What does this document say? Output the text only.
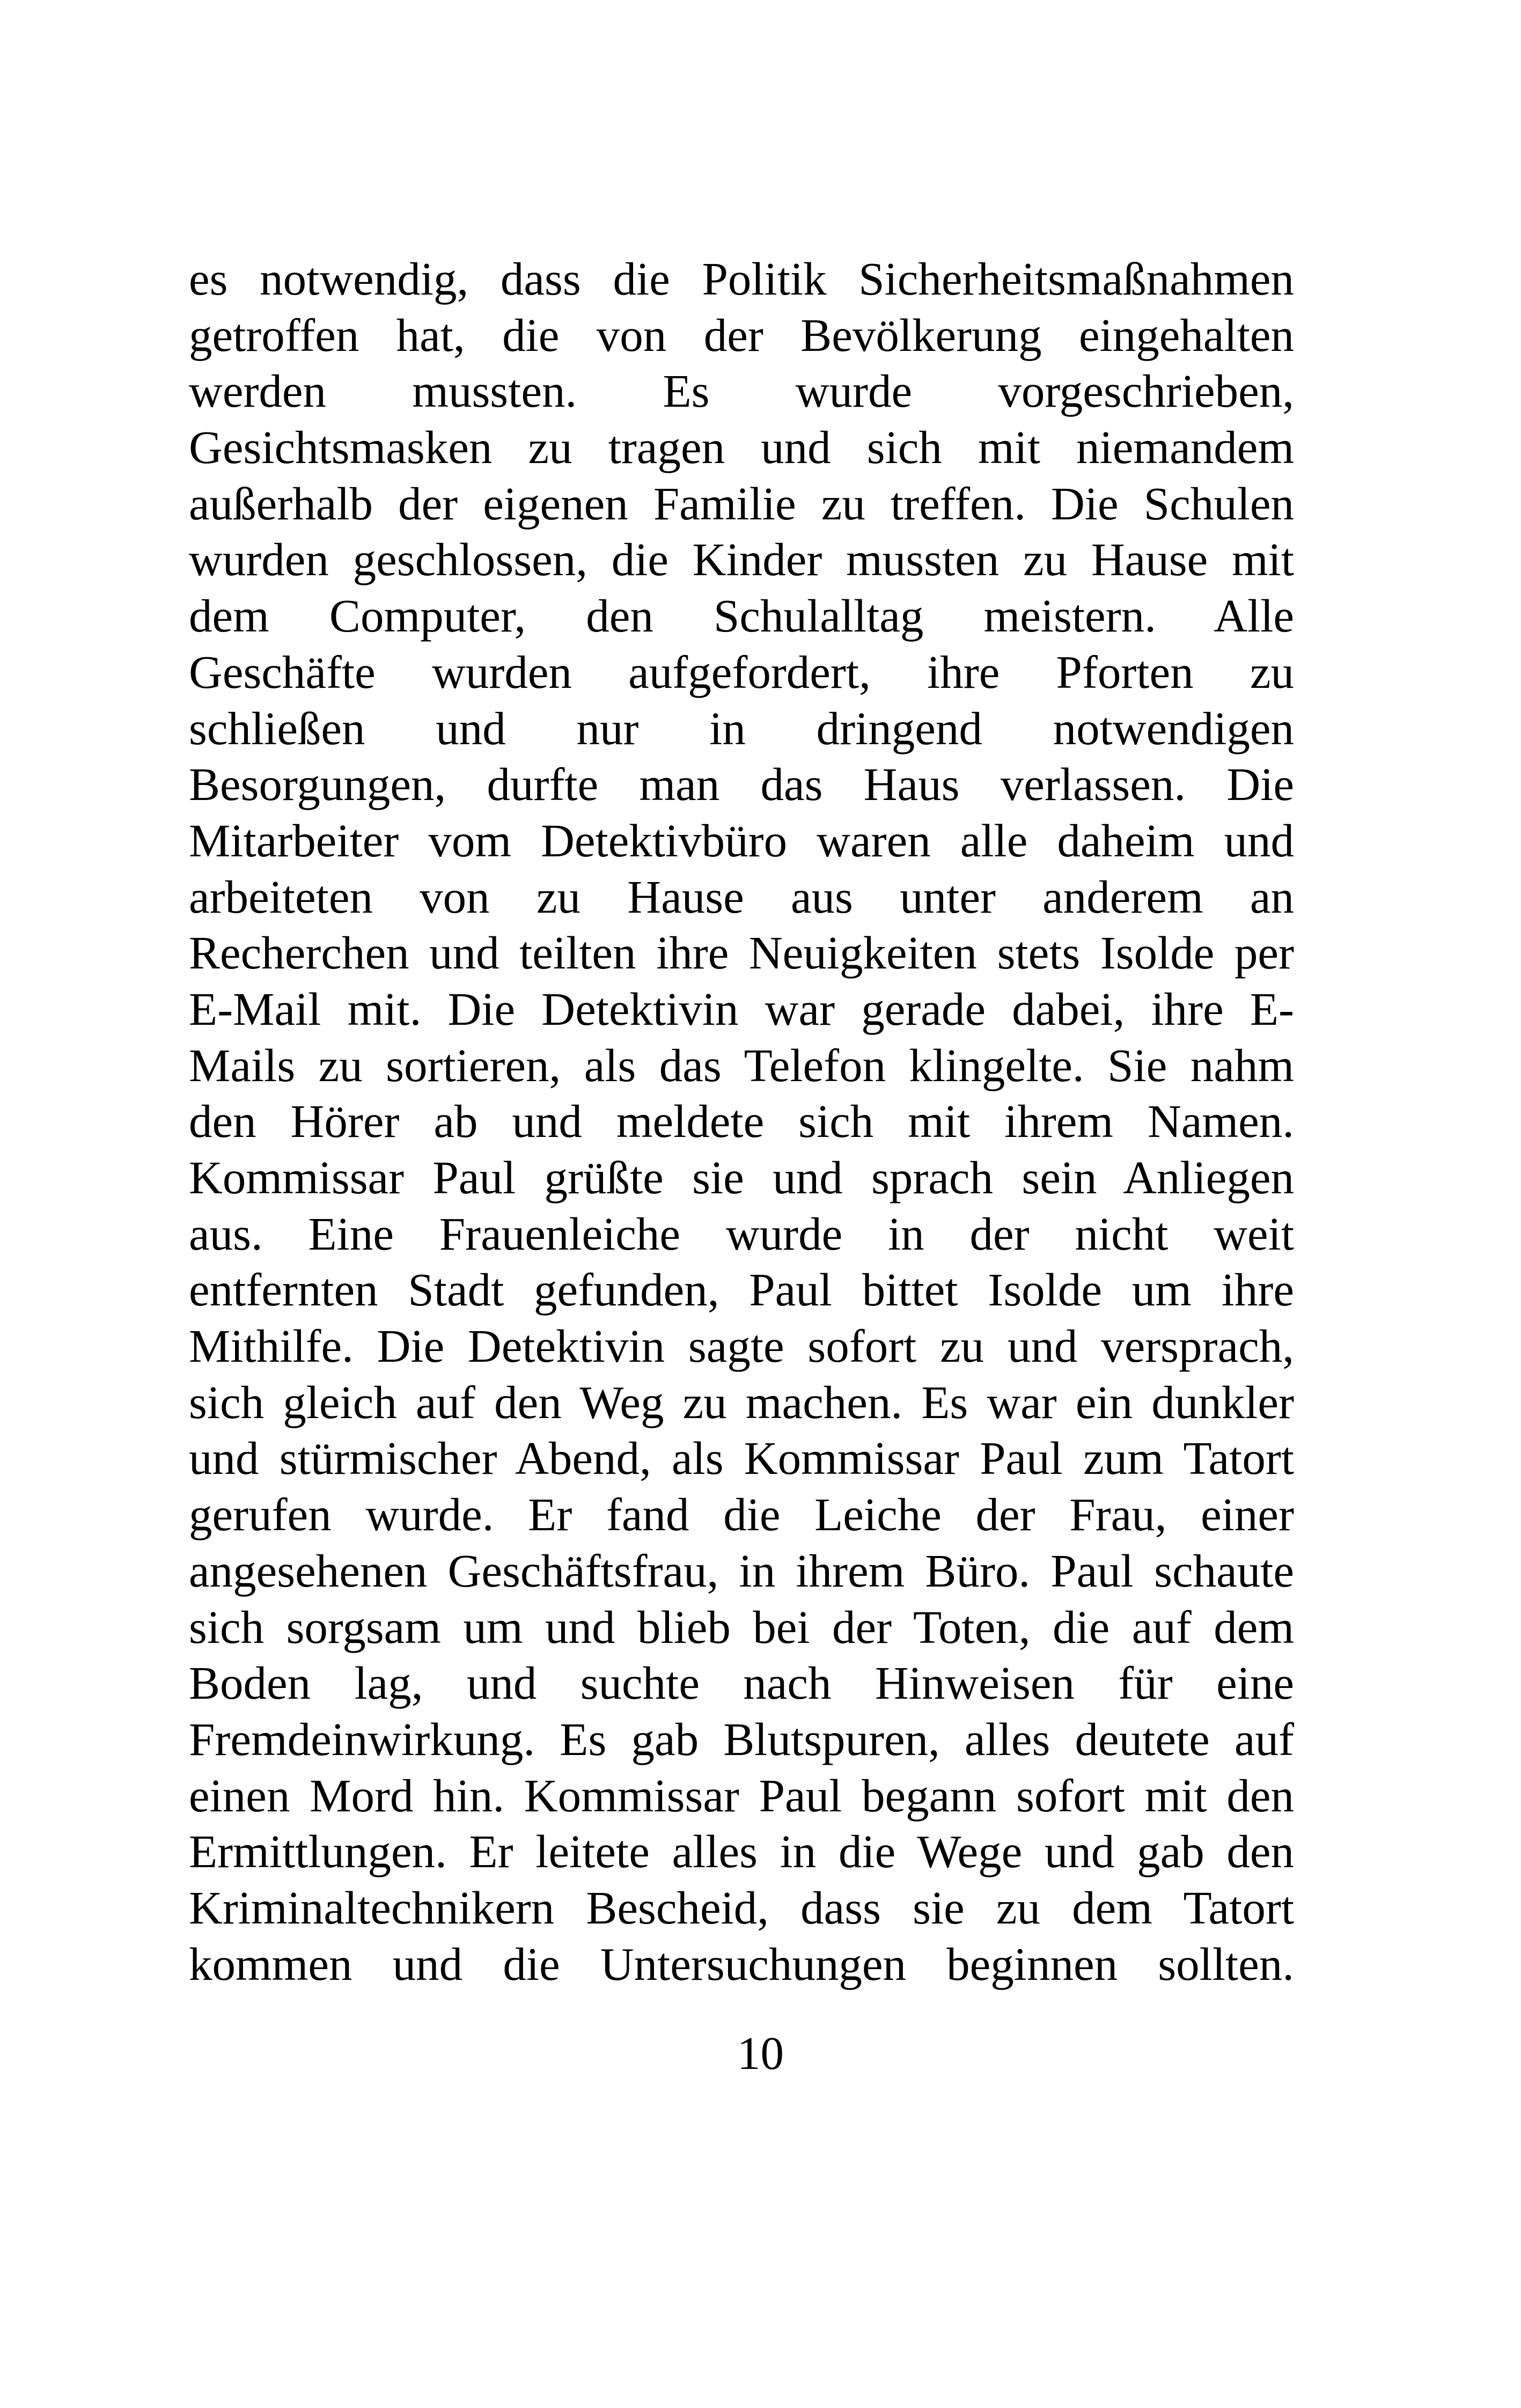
es notwendig, dass die Politik Sicherheitsmaßnahmen
getroffen hat, die von der Bevölkerung eingehalten
werden mussten. Es wurde vorgeschrieben,
Gesichtsmasken zu tragen und sich mit niemandem
außerhalb der eigenen Familie zu treffen. Die Schulen
wurden geschlossen, die Kinder mussten zu Hause mit
dem Computer, den Schulalltag meistern. Alle
Geschäfte wurden aufgefordert, ihre Pforten zu
schließen und nur in dringend notwendigen
Besorgungen, durfte man das Haus verlassen. Die
Mitarbeiter vom Detektivbüro waren alle daheim und
arbeiteten von zu Hause aus unter anderem an
Recherchen und teilten ihre Neuigkeiten stets Isolde per
E-Mail mit. Die Detektivin war gerade dabei, ihre E-
Mails zu sortieren, als das Telefon klingelte. Sie nahm
den Hörer ab und meldete sich mit ihrem Namen.
Kommissar Paul grüßte sie und sprach sein Anliegen
aus. Eine Frauenleiche wurde in der nicht weit
entfernten Stadt gefunden, Paul bittet Isolde um ihre
Mithilfe. Die Detektivin sagte sofort zu und versprach,
sich gleich auf den Weg zu machen. Es war ein dunkler
und stürmischer Abend, als Kommissar Paul zum Tatort
gerufen wurde. Er fand die Leiche der Frau, einer
angesehenen Geschäftsfrau, in ihrem Büro. Paul schaute
sich sorgsam um und blieb bei der Toten, die auf dem
Boden lag, und suchte nach Hinweisen für eine
Fremdeinwirkung. Es gab Blutspuren, alles deutete auf
einen Mord hin. Kommissar Paul begann sofort mit den
Ermittlungen. Er leitete alles in die Wege und gab den
Kriminaltechnikern Bescheid, dass sie zu dem Tatort
kommen und die Untersuchungen beginnen sollten.
10
